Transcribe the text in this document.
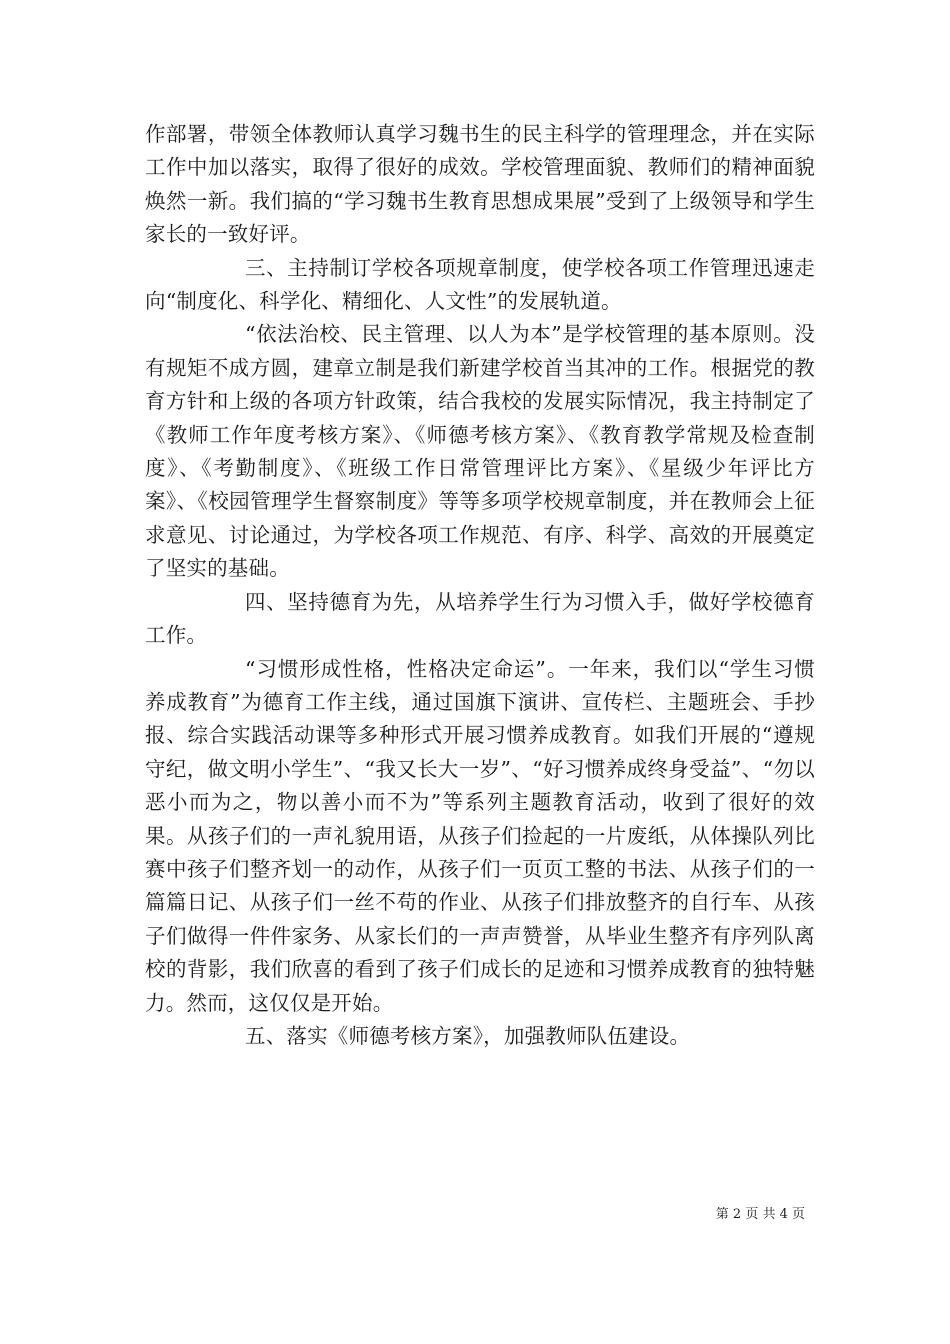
作部署，带领全体教师认真学习魏书生的民主科学的管理理念，并在实际工作中加以落实，取得了很好的成效。学校管理面貌、教师们的精神面貌焕然一新。我们搞的“学习魏书生教育思想成果展”受到了上级领导和学生家长的一致好评。

三、主持制订学校各项规章制度，使学校各项工作管理迅速走向“制度化、科学化、精细化、人文性”的发展轨道。

“依法治校、民主管理、以人为本”是学校管理的基本原则。没有规矩不成方圆，建章立制是我们新建学校首当其冲的工作。根据党的教育方针和上级的各项方针政策，结合我校的发展实际情况，我主持制定了《教师工作年度考核方案》、《师德考核方案》、《教育教学常规及检查制度》、《考勤制度》、《班级工作日常管理评比方案》、《星级少年评比方案》、《校园管理学生督察制度》等等多项学校规章制度，并在教师会上征求意见、讨论通过，为学校各项工作规范、有序、科学、高效的开展奠定了坚实的基础。

四、坚持德育为先，从培养学生行为习惯入手，做好学校德育工作。

“习惯形成性格，性格决定命运”。一年来，我们以“学生习惯养成教育”为德育工作主线，通过国旗下演讲、宣传栏、主题班会、手抄报、综合实践活动课等多种形式开展习惯养成教育。如我们开展的“遵规守纪，做文明小学生”、“我又长大一岁”、“好习惯养成终身受益”、“勿以恶小而为之，物以善小而不为”等系列主题教育活动，收到了很好的效果。从孩子们的一声礼貌用语，从孩子们捡起的一片废纸，从体操队列比赛中孩子们整齐划一的动作，从孩子们一页页工整的书法、从孩子们的一篇篇日记、从孩子们一丝不苟的作业、从孩子们排放整齐的自行车、从孩子们做得一件件家务、从家长们的一声声赞誉，从毕业生整齐有序列队离校的背影，我们欣喜的看到了孩子们成长的足迹和习惯养成教育的独特魅力。然而，这仅仅是开始。

五、落实《师德考核方案》，加强教师队伍建设。

第 2 页 共 4 页
